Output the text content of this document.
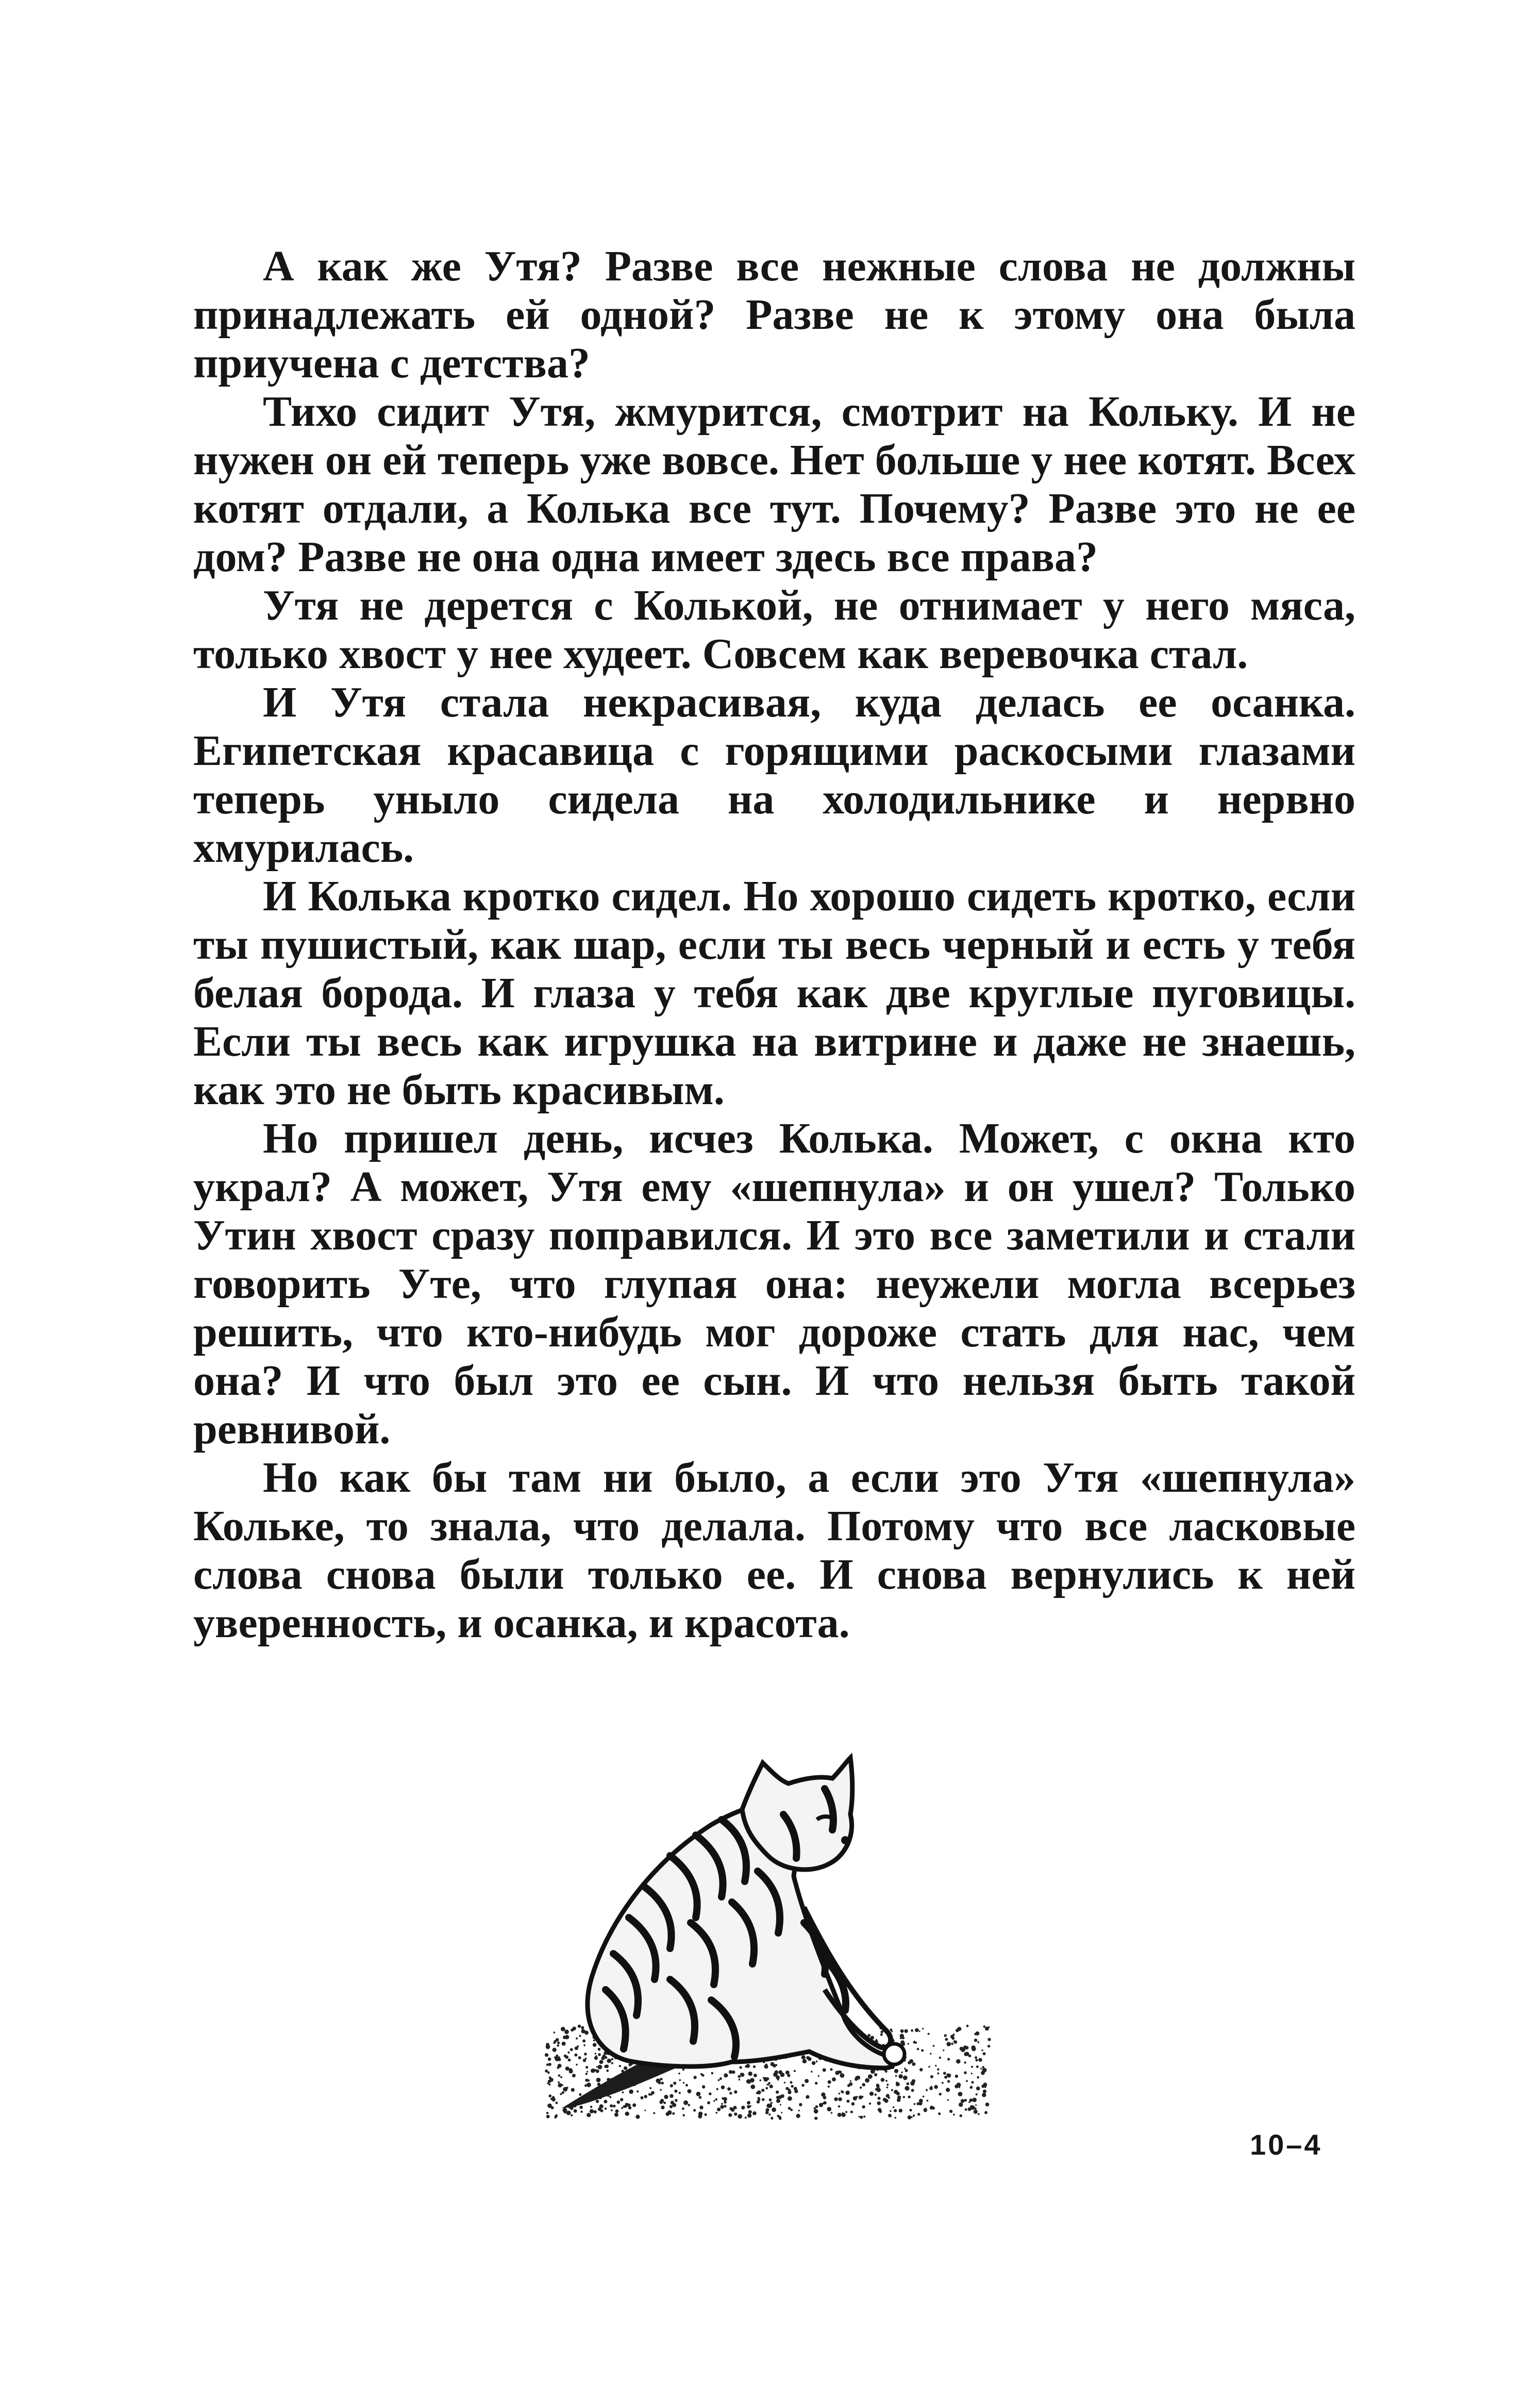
А как же Утя? Разве все нежные слова не должны принадлежать ей одной? Разве не к этому она была приучена с детства?

Тихо сидит Утя, жмурится, смотрит на Кольку. И не нужен он ей теперь уже вовсе. Нет больше у нее котят. Всех котят отдали, а Колька все тут. Почему? Разве это не ее дом? Разве не она одна имеет здесь все права?

Утя не дерется с Колькой, не отнимает у него мяса, только хвост у нее худеет. Совсем как веревочка стал.

И Утя стала некрасивая, куда делась ее осанка. Египетская красавица с горящими раскосыми глазами теперь уныло сидела на холодильнике и нервно хмурилась.

И Колька кротко сидел. Но хорошо сидеть кротко, если ты пушистый, как шар, если ты весь черный и есть у тебя белая борода. И глаза у тебя как две круглые пуговицы. Если ты весь как игрушка на витрине и даже не знаешь, как это не быть красивым.

Но пришел день, исчез Колька. Может, с окна кто украл? А может, Утя ему «шепнула» и он ушел? Только Утин хвост сразу поправился. И это все заметили и стали говорить Уте, что глупая она: неужели могла всерьез решить, что кто-нибудь мог дороже стать для нас, чем она? И что был это ее сын. И что нельзя быть такой ревнивой.

Но как бы там ни было, а если это Утя «шепнула» Кольке, то знала, что делала. Потому что все ласковые слова снова были только ее. И снова вернулись к ней уверенность, и осанка, и красота.

10–4
